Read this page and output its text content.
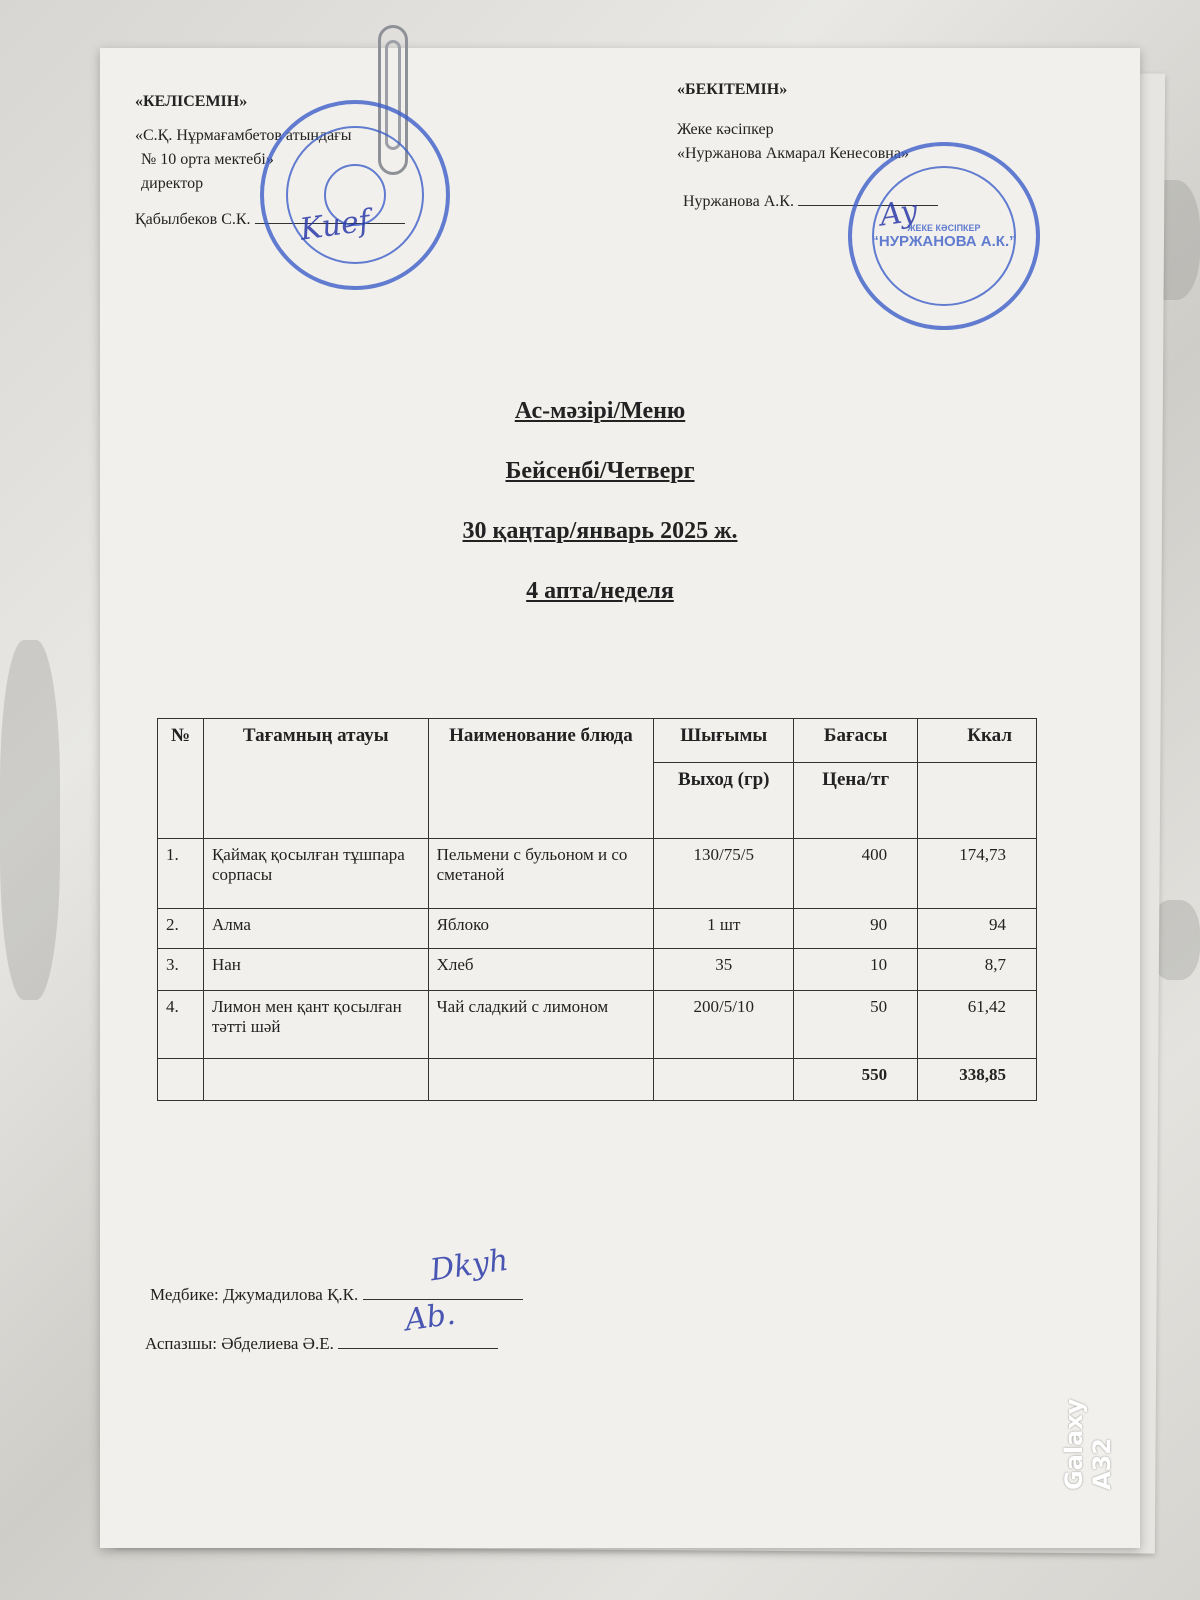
«КЕЛІСЕМІН»
«С.Қ. Нұрмағамбетов атындағы
№ 10 орта мектебі»
директор
Қабылбеков С.К.	Kuef
«БЕКІТЕМІН»
Жеке кәсіпкер
«Нуржанова Акмарал Кенесовна»
Нуржанова А.К.
ЖЕКЕ КӘСІПКЕР
“НУРЖАНОВА А.К.”
Ay
Ас-мәзірі/Меню
Бейсенбі/Четверг
30 қаңтар/январь 2025 ж.
4 апта/неделя
№	Тағамның атауы	Наименование блюда	Шығымы	Бағасы	Ккал
			Выход (гр)	Цена/тг	
1.	Қаймақ қосылған тұшпара сорпасы	Пельмени с бульоном и со сметаной	130/75/5	400	174,73
2.	Алма	Яблоко	1 шт	90	94
3.	Нан	Хлеб	35	10	8,7
4.	Лимон мен қант қосылған тәтті шәй	Чай сладкий с лимоном	200/5/10	50	61,42
				550	338,85
Медбике: Джумадилова Қ.К.
Dkyh
Аспазшы: Әбделиева Ә.Е.
Ab.
Galaxy A32
